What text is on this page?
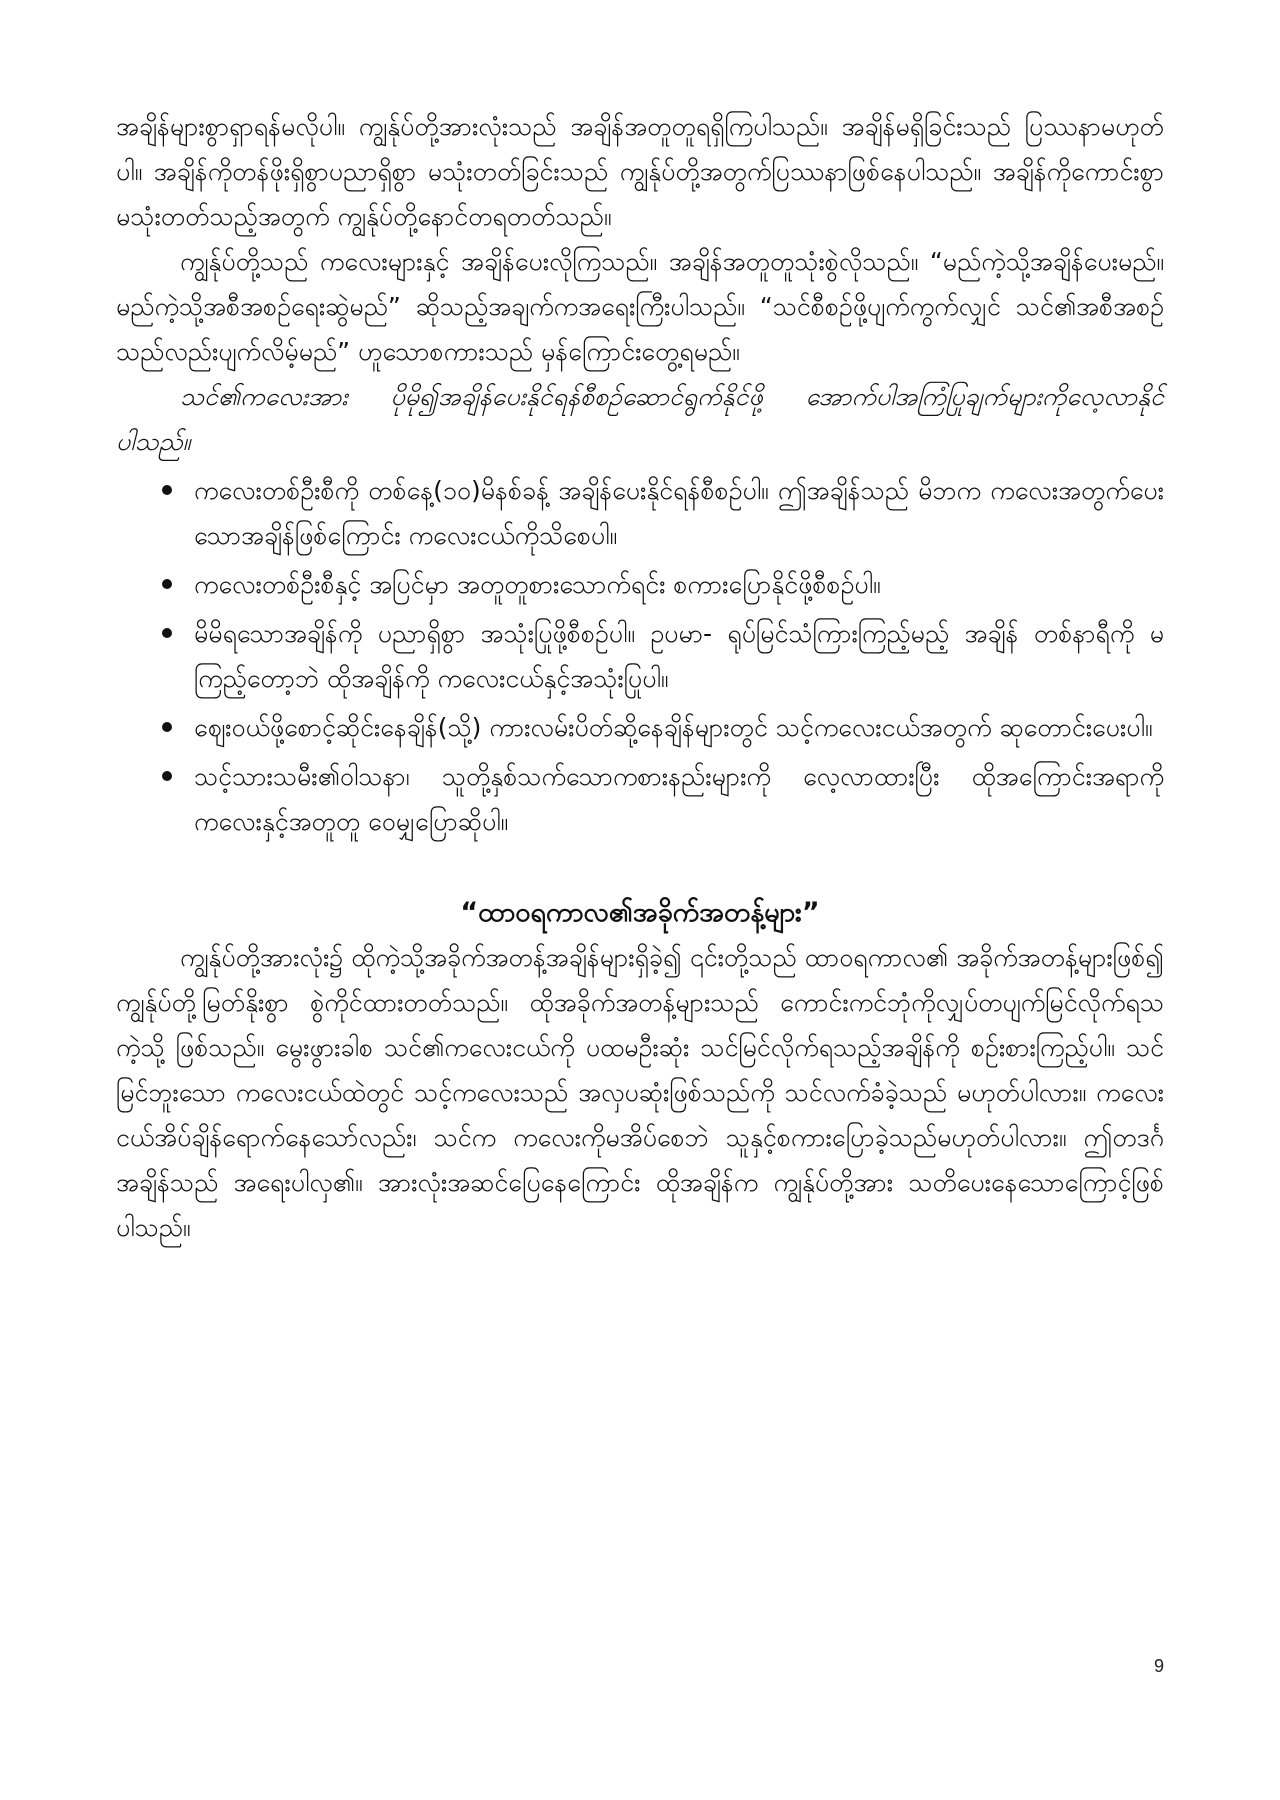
အချိန်များစွာရှာရန်မလိုပါ။ ကျွန်ုပ်တို့အားလုံးသည် အချိန်အတူတူရရှိကြပါသည်။ အချိန်မရှိခြင်းသည် ပြဿနာမဟုတ်ပါ။ အချိန်ကိုတန်ဖိုးရှိစွာပညာရှိစွာ မသုံးတတ်ခြင်းသည် ကျွန်ုပ်တို့အတွက်ပြဿနာဖြစ်နေပါသည်။ အချိန်ကိုကောင်းစွာ မသုံးတတ်သည့်အတွက် ကျွန်ုပ်တို့နောင်တရတတ်သည်။

ကျွန်ုပ်တို့သည် ကလေးများနှင့် အချိန်ပေးလိုကြသည်။ အချိန်အတူတူသုံးစွဲလိုသည်။ “မည်ကဲ့သို့အချိန်ပေးမည်။ မည်ကဲ့သို့အစီအစဉ်ရေးဆွဲမည်” ဆိုသည့်အချက်ကအရေးကြီးပါသည်။ “သင်စီစဉ်ဖို့ပျက်ကွက်လျှင် သင်၏အစီအစဉ်သည်လည်းပျက်လိမ့်မည်” ဟူသောစကားသည် မှန်ကြောင်းတွေ့ရမည်။

သင်၏ကလေးအား ပိုမို၍အချိန်ပေးနိုင်ရန်စီစဉ်ဆောင်ရွက်နိုင်ဖို့ အောက်ပါအကြံပြုချက်များကိုလေ့လာနိုင်ပါသည်။

ကလေးတစ်ဦးစီကို တစ်နေ့(၁၀)မိနစ်ခန့် အချိန်ပေးနိုင်ရန်စီစဉ်ပါ။ ဤအချိန်သည် မိဘက ကလေးအတွက်ပေးသောအချိန်ဖြစ်ကြောင်း ကလေးငယ်ကိုသိစေပါ။
ကလေးတစ်ဦးစီနှင့် အပြင်မှာ အတူတူစားသောက်ရင်း စကားပြောနိုင်ဖို့စီစဉ်ပါ။
မိမိရသောအချိန်ကို ပညာရှိစွာ အသုံးပြုဖို့စီစဉ်ပါ။ ဥပမာ- ရုပ်မြင်သံကြားကြည့်မည့် အချိန် တစ်နာရီကို မကြည့်တော့ဘဲ ထိုအချိန်ကို ကလေးငယ်နှင့်အသုံးပြုပါ။
ဈေးဝယ်ဖို့စောင့်ဆိုင်းနေချိန်(သို့) ကားလမ်းပိတ်ဆို့နေချိန်များတွင် သင့်ကလေးငယ်အတွက် ဆုတောင်းပေးပါ။
သင့်သားသမီး၏ဝါသနာ၊ သူတို့နှစ်သက်သောကစားနည်းများကို လေ့လာထားပြီး ထိုအကြောင်းအရာကို ကလေးနှင့်အတူတူ ဝေမျှပြောဆိုပါ။
“ထာဝရကာလ၏အခိုက်အတန့်များ”

ကျွန်ုပ်တို့အားလုံး၌ ထိုကဲ့သို့အခိုက်အတန့်အချိန်များရှိခဲ့၍ ၎င်းတို့သည် ထာဝရကာလ၏ အခိုက်အတန့်များဖြစ်၍ ကျွန်ုပ်တို့မြတ်နိုးစွာ စွဲကိုင်ထားတတ်သည်။ ထိုအခိုက်အတန့်များသည် ကောင်းကင်ဘုံကိုလျှပ်တပျက်မြင်လိုက်ရသကဲ့သို့ ဖြစ်သည်။ မွေးဖွားခါစ သင်၏ကလေးငယ်ကို ပထမဦးဆုံး သင်မြင်လိုက်ရသည့်အချိန်ကို စဉ်းစားကြည့်ပါ။ သင်မြင်ဘူးသော ကလေးငယ်ထဲတွင် သင့်ကလေးသည် အလှပဆုံးဖြစ်သည်ကို သင်လက်ခံခဲ့သည် မဟုတ်ပါလား။ ကလေးငယ်အိပ်ချိန်ရောက်နေသော်လည်း၊ သင်က ကလေးကိုမအိပ်စေဘဲ သူနှင့်စကားပြောခဲ့သည်မဟုတ်ပါလား။ ဤတဒင်္ဂအချိန်သည် အရေးပါလှ၏။ အားလုံးအဆင်ပြေနေကြောင်း ထိုအချိန်က ကျွန်ုပ်တို့အား သတိပေးနေသောကြောင့်ဖြစ်ပါသည်။

9
